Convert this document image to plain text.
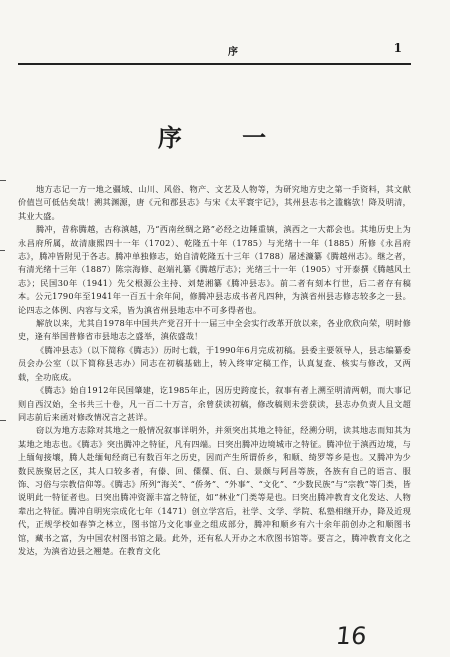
序	1
序 一

地方志记一方一地之疆域、山川、风俗、物产、文艺及人物等，为研究地方史之第一手资料，其文献价值岂可低估矣哉！溯其渊源，唐《元和郡县志》与宋《太平寰宇记》，其州县志书之滥觞欤！降及明清，其业大盛。

腾冲，昔称腾越，古称滇越，乃“西南丝绸之路”必经之边陲重镇，滇西之一大都会也。其地历史上为永昌府所属，故清康熙四十一年（1702）、乾隆五十年（1785）与光绪十一年（1885）所修《永昌府志》，腾冲皆附见于各志。腾冲单独修志，始自清乾隆五十三年（1788）屠述濂纂《腾越州志》。继之者，有清光绪十三年（1887）陈宗海修、赵端礼纂《腾越厅志》；光绪三十一年（1905）寸开泰撰《腾越风土志》；民国30年（1941）先父根源公主持、刘楚湘纂《腾冲县志》。前二者有刻本行世，后二者存有稿本。公元1790年至1941年一百五十余年间，修腾冲县志成书者凡四种，为滇省州县志修志较多之一县。论四志之体例、内容与文采，皆为滇省州县地志中不可多得者也。

解放以来，尤其自1978年中国共产党召开十一届三中全会实行改革开放以来，各业欣欣向荣，明时修史，逢有举国普修省市县地志之盛举，滇依盛哉！

《腾冲县志》（以下简称《腾志》）历时七载，于1990年6月完成初稿。县委主要领导人，县志编纂委员会办公室（以下简称县志办）同志在初稿基础上，转入终审定稿工作，认真复查、核实与修改，又两载，全功底成。

《腾志》始自1912年民国肇建，讫1985年止，因历史跨度长，叙事有者上溯至明清两朝，而大事记则自西汉始，全书共三十卷，凡一百二十万言，余曾获读初稿，修改稿则未尝获读，县志办负责人且文超同志前后来函对修改情况言之甚详。

窃以为地方志除对其地之一般情况叙事详明外，并须突出其地之特征，经溯分明，读其地志而知其为某地之地志也。《腾志》突出腾冲之特征，凡有四端。曰突出腾冲边境城市之特征。腾冲位于滇西边境，与上缅甸接壤，腾人赴缅甸经商已有数百年之历史，因而产生所谓侨乡，和顺、绮罗等乡是也。又腾冲为少数民族聚居之区，其人口较多者，有傣、回、僳僳、佤、白、景颇与阿昌等族，各族有自己的语言、服饰、习俗与宗教信仰等。《腾志》所列“海关”、“侨务”、“外事”、“文化”、“少数民族”与“宗教”等门类，皆说明此一特征者也。曰突出腾冲资源丰富之特征，如“林业”门类等是也。曰突出腾冲教育文化发达、人物辈出之特征。腾冲自明宪宗成化七年（1471）创立学宫后，社学、文学、学院、私塾相继开办，降及近现代，正规学校如春笋之林立，图书馆乃文化事业之组成部分，腾冲和顺乡有六十余年前创办之和顺图书馆，藏书之富，为中国农村图书馆之最。此外，还有私人开办之木欣图书馆等。要言之，腾冲教育文化之发达，为滇省边县之翘楚。在教育文化

16
